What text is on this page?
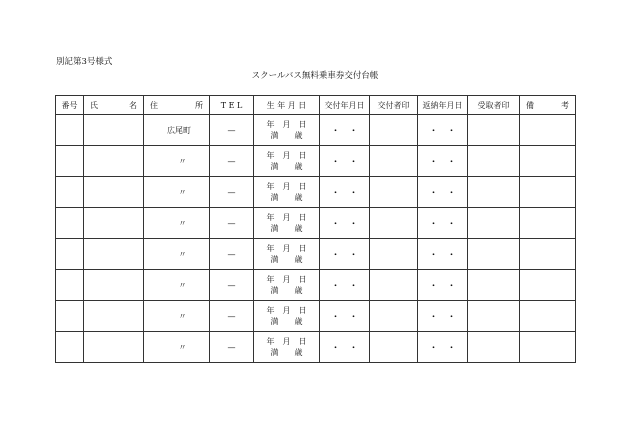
別記第3号様式
スクールバス無料乗車券交付台帳
番号	氏 名	住 所	T E L	生 年 月 日	交付年月日	交付者印	返納年月日	受取者印	備 考

		広尾町	—	年　月　日
満　　歳	・・		・・		
		〃	—	年　月　日
満　　歳	・・		・・		
		〃	—	年　月　日
満　　歳	・・		・・		
		〃	—	年　月　日
満　　歳	・・		・・		
		〃	—	年　月　日
満　　歳	・・		・・		
		〃	—	年　月　日
満　　歳	・・		・・		
		〃	—	年　月　日
満　　歳	・・		・・		
		〃	—	年　月　日
満　　歳	・・		・・		
